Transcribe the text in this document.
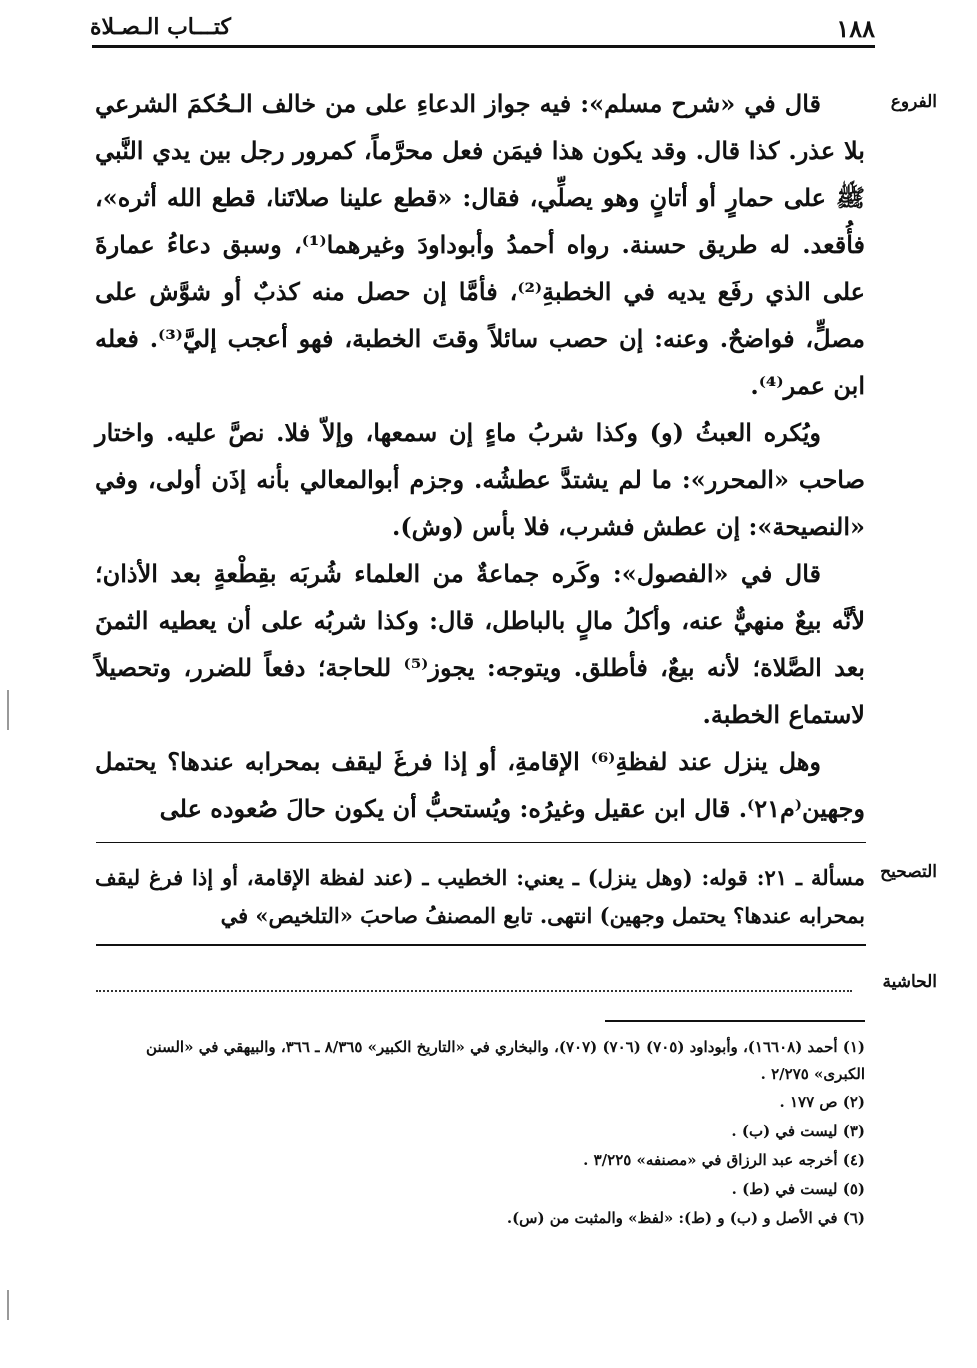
١٨٨
كتـــاب الـصـلاة
الفروع
التصحيح
الحاشية

قال في «شرح مسلم»: فيه جواز الدعاءِ على من خالف الـحُكمَ الشرعي بلا عذر. كذا قال. وقد يكون هذا فيمَن فعل محرَّماً، كمرور رجل بين يدي النَّبي ﷺ على حمارٍ أو أتانٍ وهو يصلِّي، فقال: «قطع علينا صلاتَنا، قطع الله أثره»، فأُقعد. له طريق حسنة. رواه أحمدُ وأبوداودَ وغيرهما⁽¹⁾، وسبق دعاءُ عمارةَ على الذي رفَع يديه في الخطبةِ⁽²⁾، فأمَّا إن حصل منه كذبٌ أو شوَّش على مصلٍّ، فواضحٌ. وعنه: إن حصب سائلاً وقتَ الخطبة، فهو أعجب إليَّ⁽³⁾. فعله ابن عمر⁽⁴⁾.

ويُكره العبثُ (و) وكذا شربُ ماءٍ إن سمعها، وإلاّ فلا. نصَّ عليه. واختار صاحب «المحرر»: ما لم يشتدَّ عطشُه. وجزم أبوالمعالي بأنه إذَن أولى، وفي «النصيحة»: إن عطش فشرب، فلا بأس (وش).

قال في «الفصول»: وكَره جماعةٌ من العلماء شُربَه بقِطْعةٍ بعد الأذان؛ لأنَّه بيعٌ منهيٌّ عنه، وأكلُ مالٍ بالباطل، قال: وكذا شربُه على أن يعطيه الثمنَ بعد الصَّلاة؛ لأنه بيعٌ، فأطلق. ويتوجه: يجوز⁽⁵⁾ للحاجة؛ دفعاً للضرر، وتحصيلاً لاستماع الخطبة.

وهل ينزل عند لفظةِ⁽⁶⁾ الإقامةِ، أو إذا فرغَ ليقف بمحرابه عندها؟ يحتمل وجهين⁽م٢١⁾. قال ابن عقيل وغيرُه: ويُستحبُّ أن يكون حالَ صُعوده على

مسألة ـ ٢١: قوله: (وهل ينزل) ـ يعني: الخطيب ـ (عند لفظة الإقامة، أو إذا فرغ ليقف بمحرابه عندها؟ يحتمل وجهين) انتهى. تابع المصنفُ صاحبَ «التلخيص» في
(١) أحمد (١٦٦٠٨)، وأبوداود (٧٠٥) (٧٠٦) (٧٠٧)، والبخاري في «التاريخ الكبير» ٨/٣٦٥ ـ ٣٦٦، والبيهقي في «السنن الكبرى» ٢/٢٧٥ .
(٢) ص ١٧٧ .
(٣) ليست في (ب) .
(٤) أخرجه عبد الرزاق في «مصنفه» ٣/٢٢٥ .
(٥) ليست في (ط) .
(٦) في الأصل و (ب) و (ط): «لفظ» والمثبت من (س).
